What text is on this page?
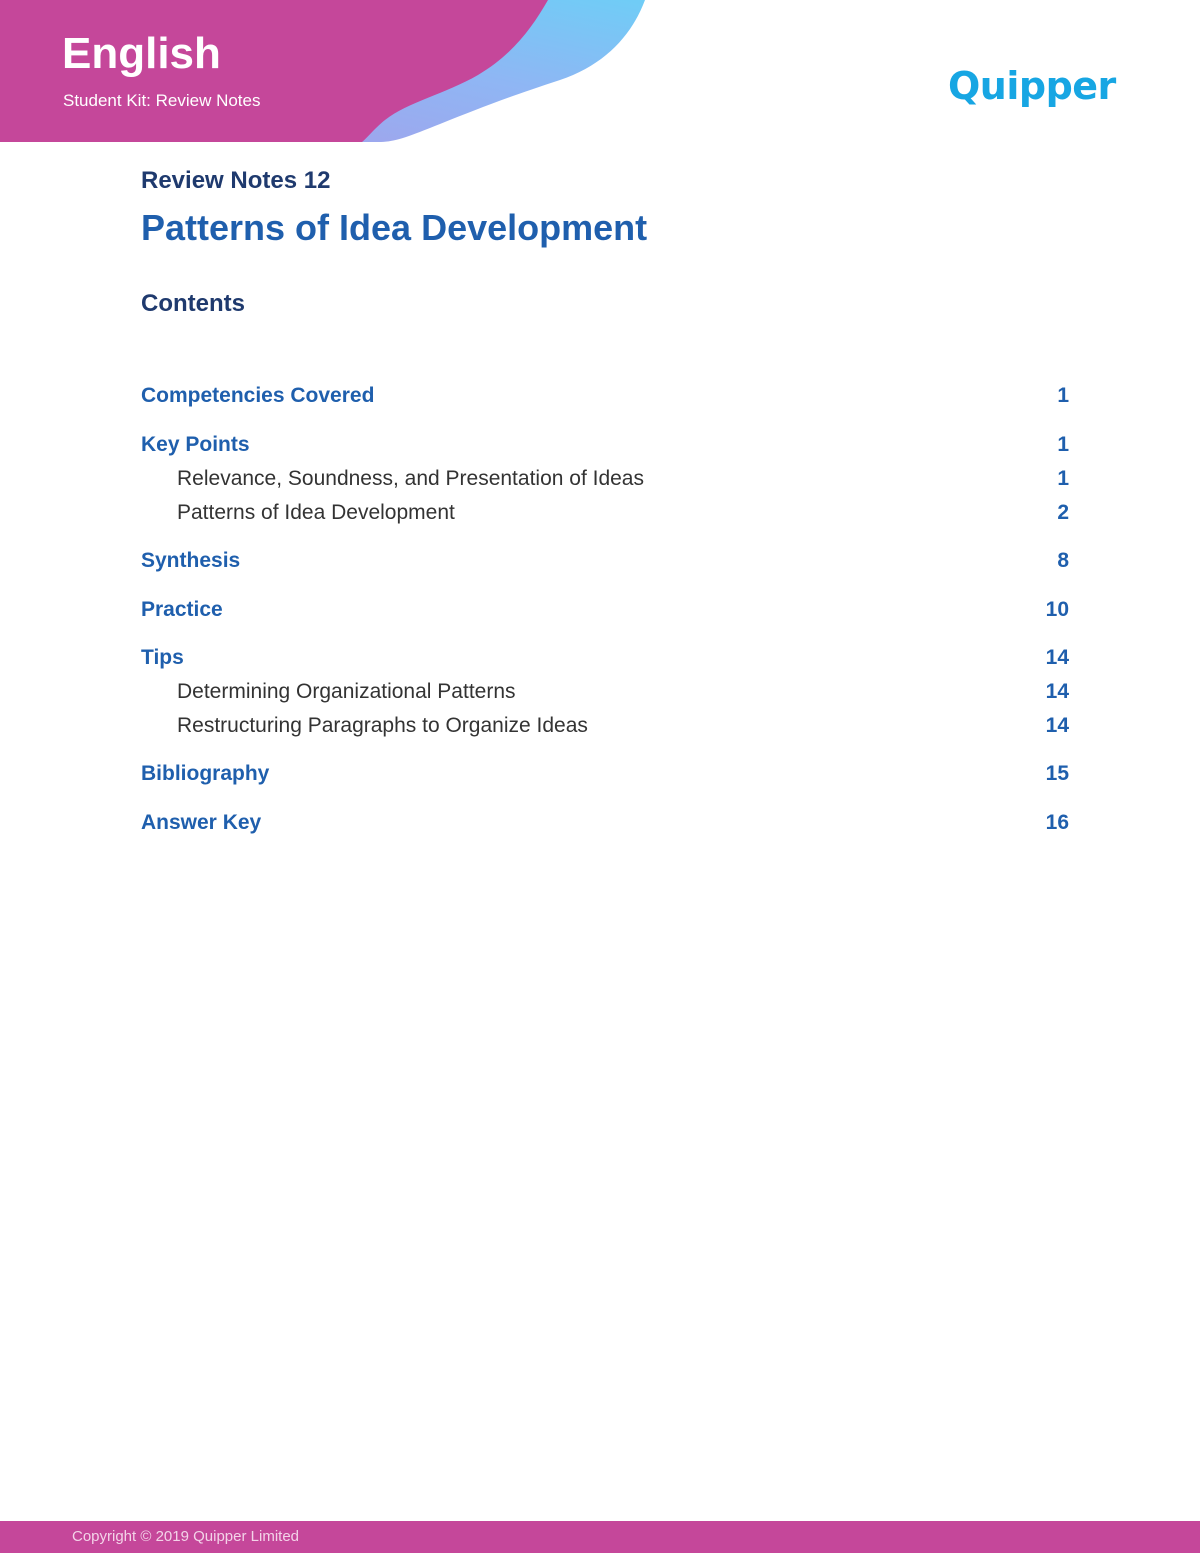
English
Student Kit: Review Notes	Quipper
Review Notes 12
Patterns of Idea Development
Contents
Competencies Covered	1
Key Points	1
Relevance, Soundness, and Presentation of Ideas	1
Patterns of Idea Development	2
Synthesis	8
Practice	10
Tips	14
Determining Organizational Patterns	14
Restructuring Paragraphs to Organize Ideas	14
Bibliography	15
Answer Key	16
Copyright © 2019 Quipper Limited
